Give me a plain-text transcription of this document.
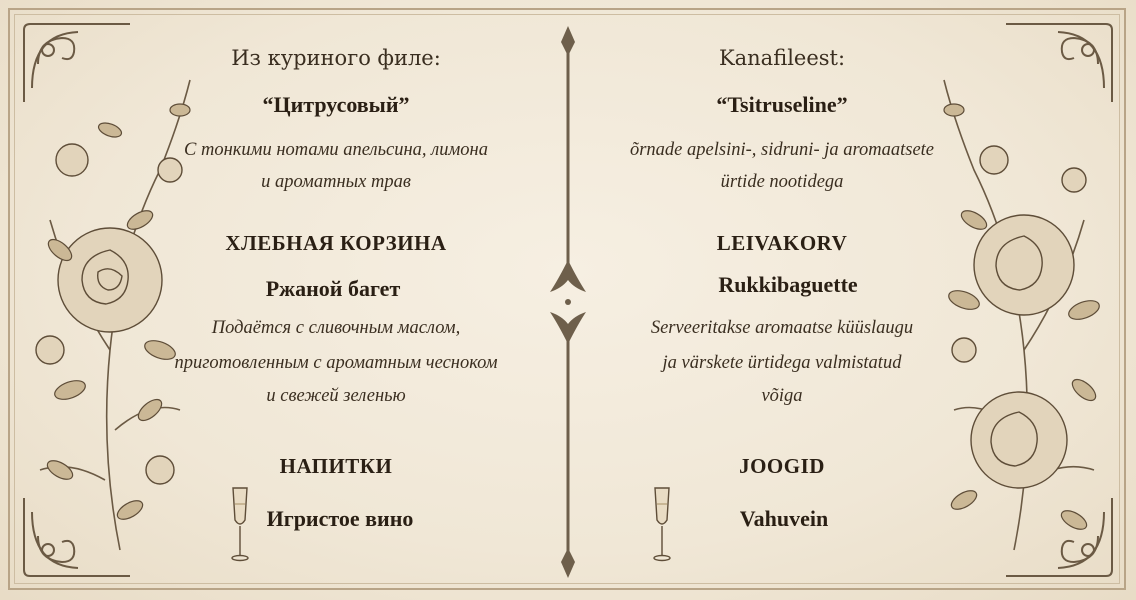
Из куриного филе:
“Цитрусовый”
С тонкими нотами апельсина, лимона
и ароматных трав
ХЛЕБНАЯ КОРЗИНА
Ржаной багет
Подаётся с сливочным маслом,
приготовленным с ароматным чесноком
и свежей зеленью
НАПИТКИ
Игристое вино
Kanafileest:
“Tsitruseline”
õrnade apelsini-, sidruni- ja aromaatsete
ürtide nootidega
LEIVAKORV
Rukkibaguette
Serveeritakse aromaatse küüslaugu
ja värskete ürtidega valmistatud
võiga
JOOGID
Vahuvein
